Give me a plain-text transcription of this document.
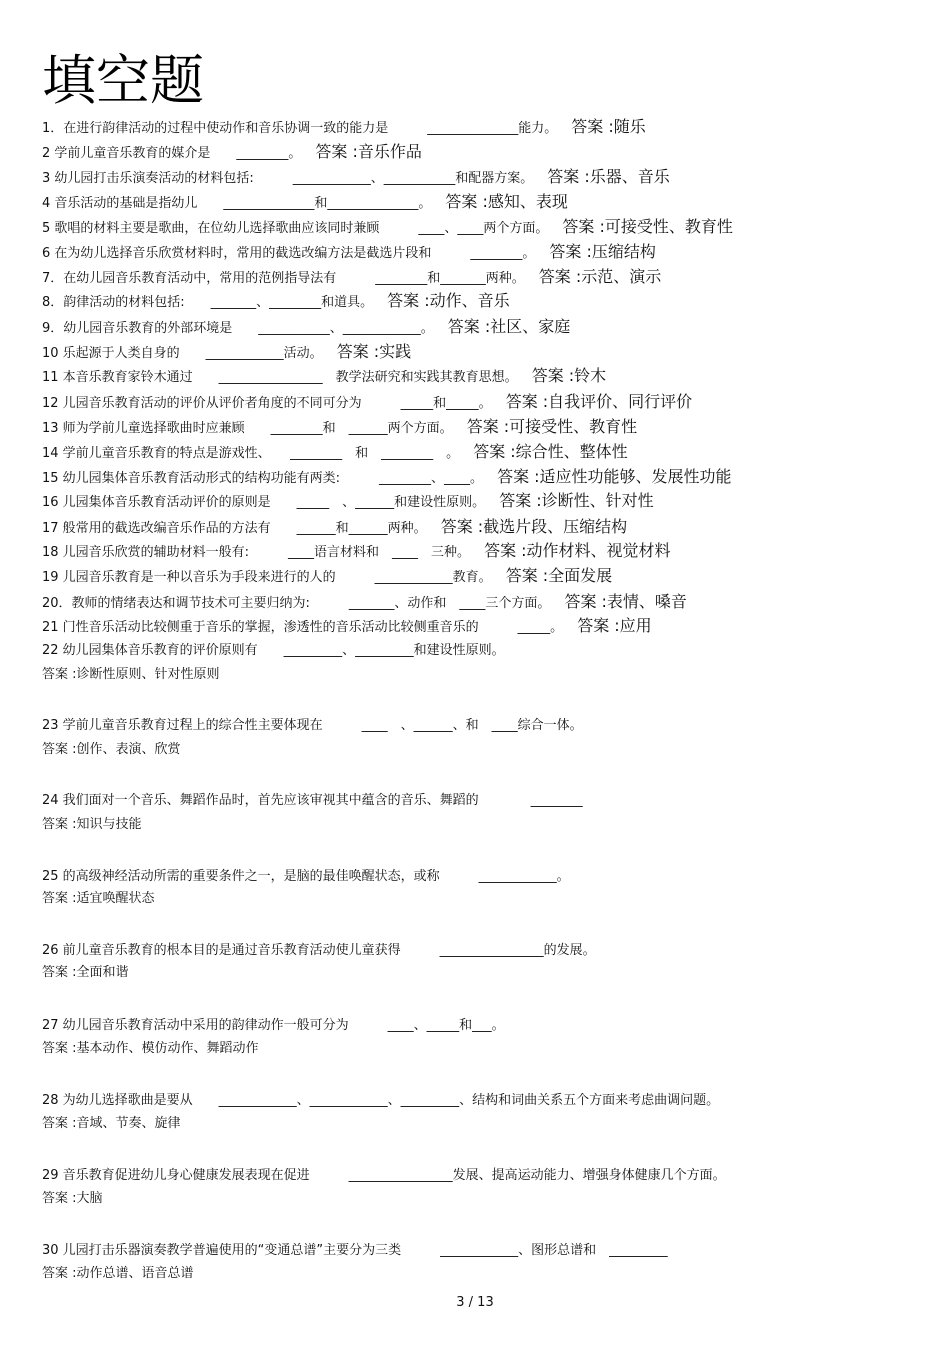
填空题
1．在进行韵律活动的过程中使动作和音乐协调一致的能力是　　　______________能力。 答案 :随乐
2 学前儿童音乐教育的媒介是　　________。 答案 :音乐作品
3 幼儿园打击乐演奏活动的材料包括:　　　____________、___________和配器方案。 答案 :乐器、音乐
4 音乐活动的基础是指幼儿　　______________和______________。 答案 :感知、表现
5 歌唱的材料主要是歌曲，在位幼儿选择歌曲应该同时兼顾　　　____、____两个方面。 答案 :可接受性、教育性
6 在为幼儿选择音乐欣赏材料时，常用的截选改编方法是截选片段和　　　________。 答案 :压缩结构
7．在幼儿园音乐教育活动中，常用的范例指导法有　　　________和_______两种。 答案 :示范、演示
8．韵律活动的材料包括:　　_______、________和道具。 答案 :动作、音乐
9．幼儿园音乐教育的外部环境是　　___________、____________。 答案 :社区、家庭
10 乐起源于人类自身的　　____________活动。 答案 :实践
11 本音乐教育家铃木通过　　________________　教学法研究和实践其教育思想。 答案 :铃木
12 儿园音乐教育活动的评价从评价者角度的不同可分为　　　_____和_____。 答案 :自我评价、同行评价
13 师为学前儿童选择歌曲时应兼顾　　________和　______两个方面。 答案 :可接受性、教育性
14 学前儿童音乐教育的特点是游戏性、　　________　和　________　。 答案 :综合性、整体性
15 幼儿园集体音乐教育活动形式的结构功能有两类:　　　________、____。 答案 :适应性功能够、发展性功能
16 儿园集体音乐教育活动评价的原则是　　_____　、______和建设性原则。 答案 :诊断性、针对性
17 般常用的截选改编音乐作品的方法有　　______和______两种。 答案 :截选片段、压缩结构
18 儿园音乐欣赏的辅助材料一般有:　　　____语言材料和　____　三种。 答案 :动作材料、视觉材料
19 儿园音乐教育是一种以音乐为手段来进行的人的　　　____________教育。 答案 :全面发展
20．教师的情绪表达和调节技术可主要归纳为:　　　_______、动作和　____三个方面。 答案 :表情、嗓音
21 门性音乐活动比较侧重于音乐的掌握，渗透性的音乐活动比较侧重音乐的　　　_____。 答案 :应用
22 幼儿园集体音乐教育的评价原则有　　_________、_________和建设性原则。
答案 :诊断性原则、针对性原则
23 学前儿童音乐教育过程上的综合性主要体现在　　　____　、______、和　____综合一体。
答案 :创作、表演、欣赏
24 我们面对一个音乐、舞蹈作品时，首先应该审视其中蕴含的音乐、舞蹈的　　　　________
答案 :知识与技能
25 的高级神经活动所需的重要条件之一，是脑的最佳唤醒状态，或称　　　____________。
答案 :适宜唤醒状态
26 前儿童音乐教育的根本目的是通过音乐教育活动使儿童获得　　　________________的发展。
答案 :全面和谐
27 幼儿园音乐教育活动中采用的韵律动作一般可分为　　　____、_____和___。
答案 :基本动作、模仿动作、舞蹈动作
28 为幼儿选择歌曲是要从　　____________、____________、_________、结构和词曲关系五个方面来考虑曲调问题。
答案 :音域、节奏、旋律
29 音乐教育促进幼儿身心健康发展表现在促进　　　________________发展、提高运动能力、增强身体健康几个方面。
答案 :大脑
30 儿园打击乐器演奏教学普遍使用的“变通总谱”主要分为三类　　　____________、图形总谱和　_________
答案 :动作总谱、语音总谱
3 / 13
